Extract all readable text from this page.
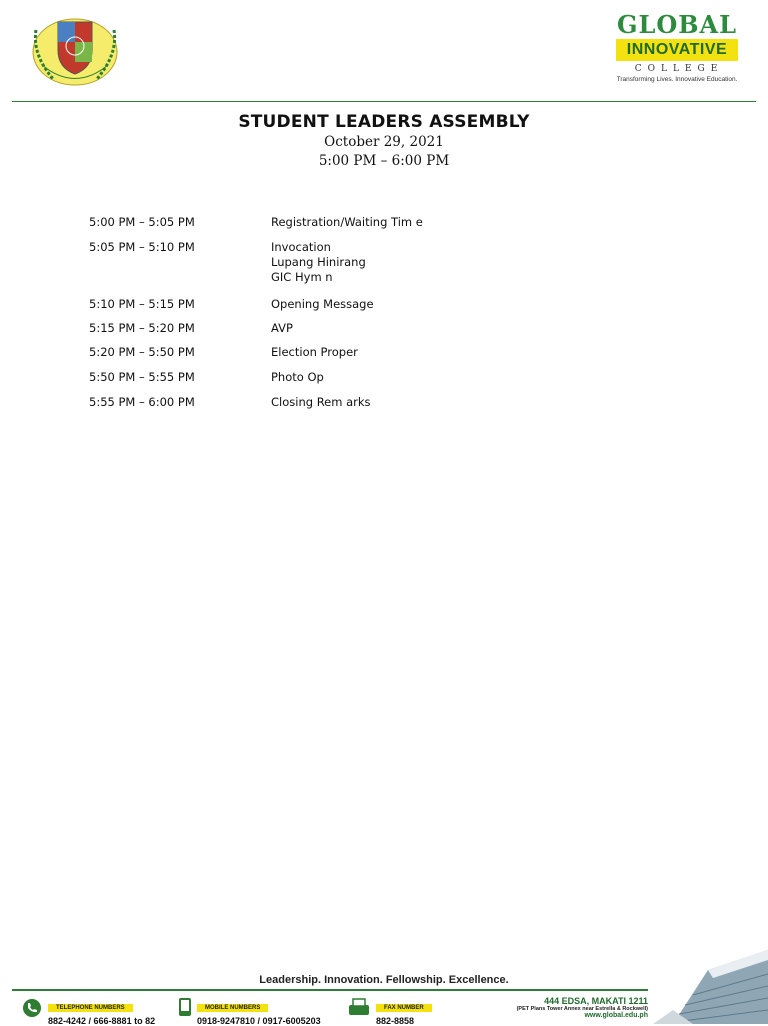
GLOBAL
INNOVATIVE
COLLEGE
Transforming Lives. Innovative Education.
STUDENT LEADERS ASSEMBLY
October 29, 2021
5:00 PM – 6:00 PM
5:00 PM – 5:05 PM	Registration/Waiting Tim e
5:05 PM – 5:10 PM	Invocation
Lupang Hinirang
GIC Hym n
5:10 PM – 5:15 PM	Opening Message
5:15 PM – 5:20 PM	AVP
5:20 PM – 5:50 PM	Election Proper
5:50 PM – 5:55 PM	Photo Op
5:55 PM – 6:00 PM	Closing Rem arks
Leadership. Innovation. Fellowship. Excellence.
TELEPHONE NUMBERS
882-4242 / 666-8881 to 82
MOBILE NUMBERS
0918-9247810 / 0917-6005203
FAX NUMBER
882-8858
444 EDSA, MAKATI 1211
(PET Plans Tower Annex near Estrella & Rockwell)
www.global.edu.ph
